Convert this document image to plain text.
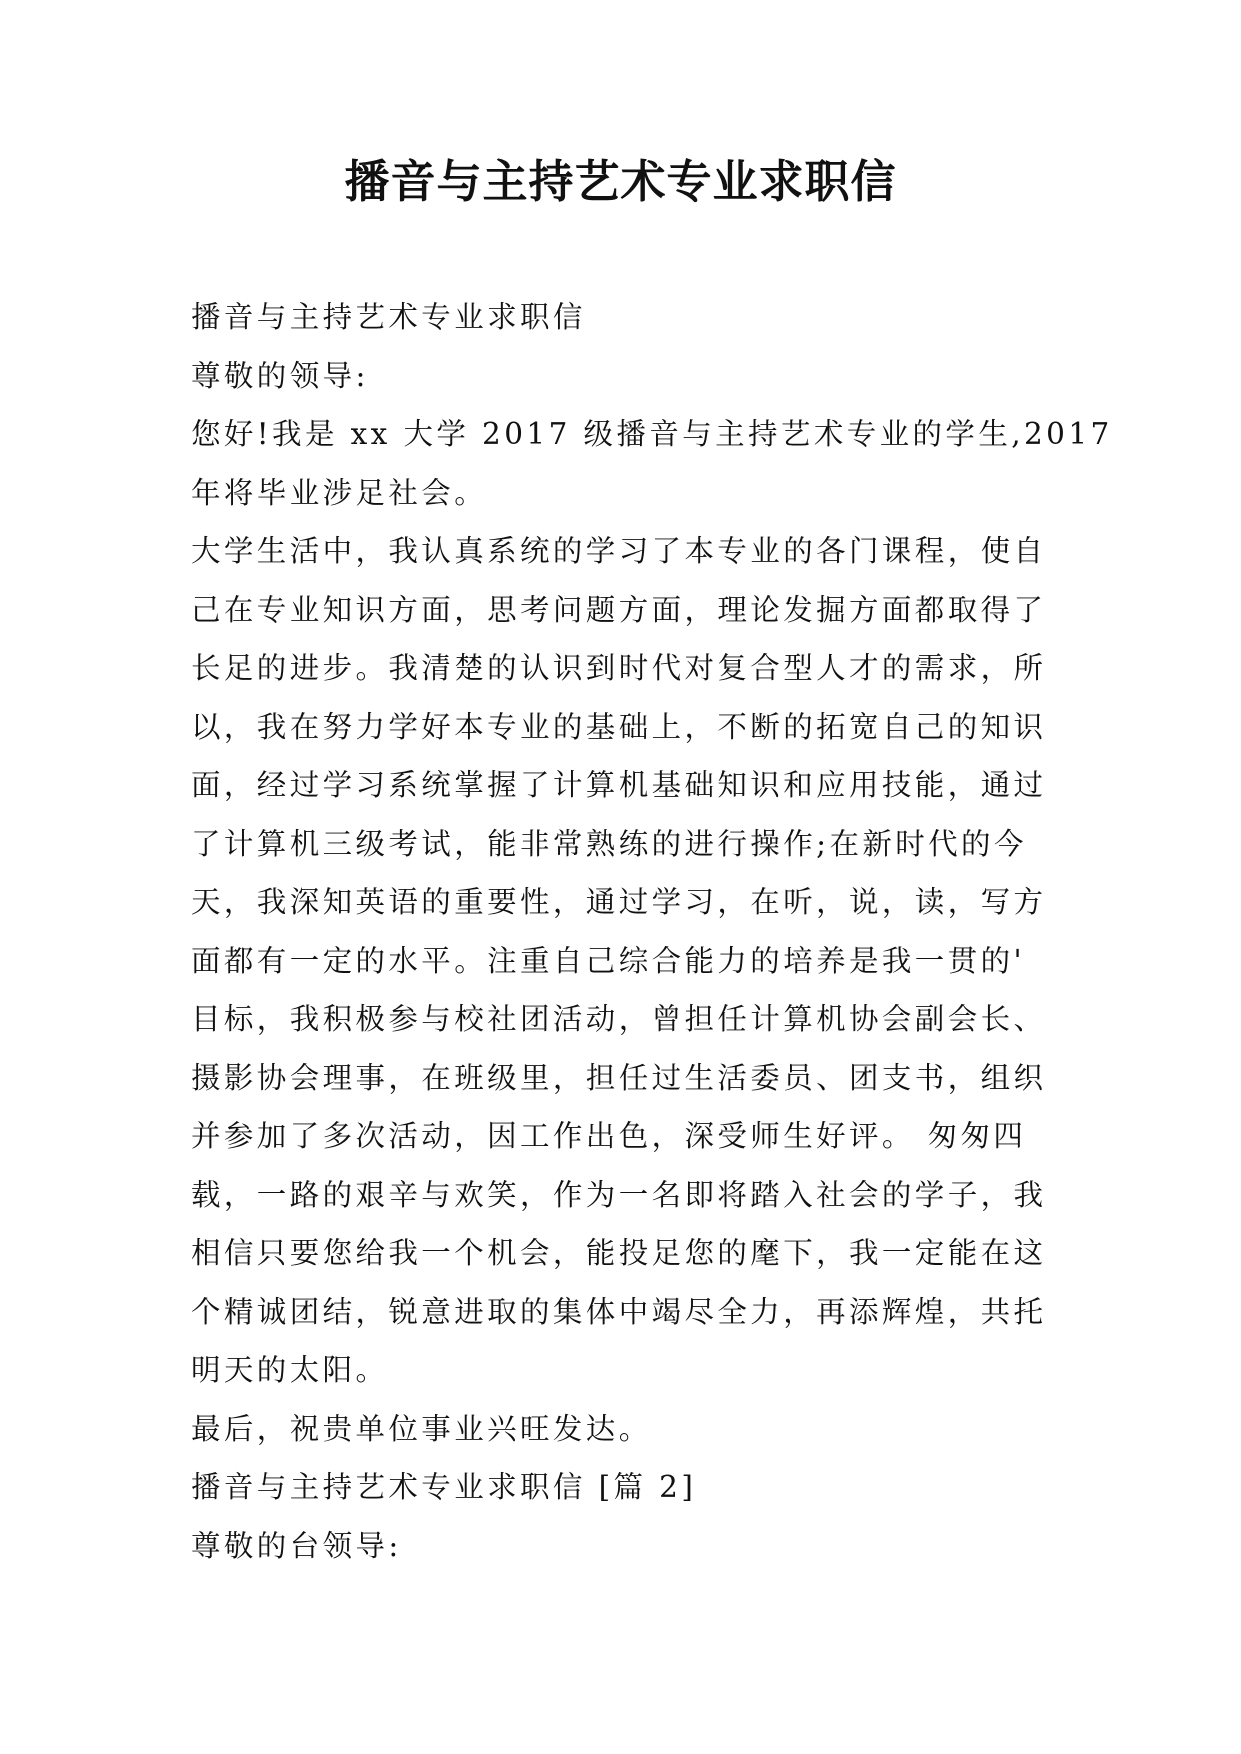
播音与主持艺术专业求职信

播音与主持艺术专业求职信

尊敬的领导:

您好!我是 xx 大学 2017 级播音与主持艺术专业的学生,2017
年将毕业涉足社会。

大学生活中，我认真系统的学习了本专业的各门课程，使自
己在专业知识方面，思考问题方面，理论发掘方面都取得了
长足的进步。我清楚的认识到时代对复合型人才的需求，所
以，我在努力学好本专业的基础上，不断的拓宽自己的知识
面，经过学习系统掌握了计算机基础知识和应用技能，通过
了计算机三级考试，能非常熟练的进行操作;在新时代的今
天，我深知英语的重要性，通过学习，在听，说，读，写方
面都有一定的水平。注重自己综合能力的培养是我一贯的'
目标，我积极参与校社团活动，曾担任计算机协会副会长、
摄影协会理事，在班级里，担任过生活委员、团支书，组织
并参加了多次活动，因工作出色，深受师生好评。 匆匆四
载，一路的艰辛与欢笑，作为一名即将踏入社会的学子，我
相信只要您给我一个机会，能投足您的麾下，我一定能在这
个精诚团结，锐意进取的集体中竭尽全力，再添辉煌，共托
明天的太阳。

最后，祝贵单位事业兴旺发达。

播音与主持艺术专业求职信 [篇 2]

尊敬的台领导:
